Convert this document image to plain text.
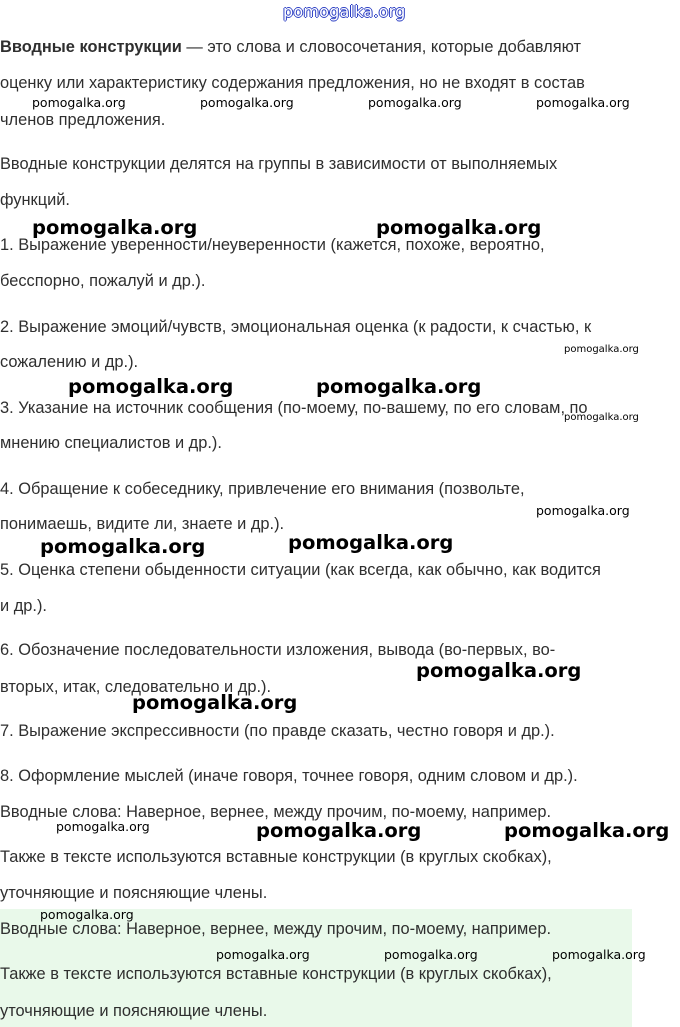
pomogalka.org
Вводные конструкции — это слова и словосочетания, которые добавляют
оценку или характеристику содержания предложения, но не входят в состав
членов предложения.
Вводные конструкции делятся на группы в зависимости от выполняемых
функций.
1. Выражение уверенности/неуверенности (кажется, похоже, вероятно,
бесспорно, пожалуй и др.).
2. Выражение эмоций/чувств, эмоциональная оценка (к радости, к счастью, к
сожалению и др.).
3. Указание на источник сообщения (по-моему, по-вашему, по его словам, по
мнению специалистов и др.).
4. Обращение к собеседнику, привлечение его внимания (позвольте,
понимаешь, видите ли, знаете и др.).
5. Оценка степени обыденности ситуации (как всегда, как обычно, как водится
и др.).
6. Обозначение последовательности изложения, вывода (во-первых, во-
вторых, итак, следовательно и др.).
7. Выражение экспрессивности (по правде сказать, честно говоря и др.).
8. Оформление мыслей (иначе говоря, точнее говоря, одним словом и др.).
Вводные слова: Наверное, вернее, между прочим, по-моему, например.
Также в тексте используются вставные конструкции (в круглых скобках),
уточняющие и поясняющие члены.
Вводные слова: Наверное, вернее, между прочим, по-моему, например.
Также в тексте используются вставные конструкции (в круглых скобках),
уточняющие и поясняющие члены.
pomogalka.org	pomogalka.org	pomogalka.org	pomogalka.org
pomogalka.org	pomogalka.org
pomogalka.org
pomogalka.org	pomogalka.org
pomogalka.org
pomogalka.org
pomogalka.org	pomogalka.org
pomogalka.org
pomogalka.org
pomogalka.org	pomogalka.org	pomogalka.org
pomogalka.org
pomogalka.org	pomogalka.org	pomogalka.org
